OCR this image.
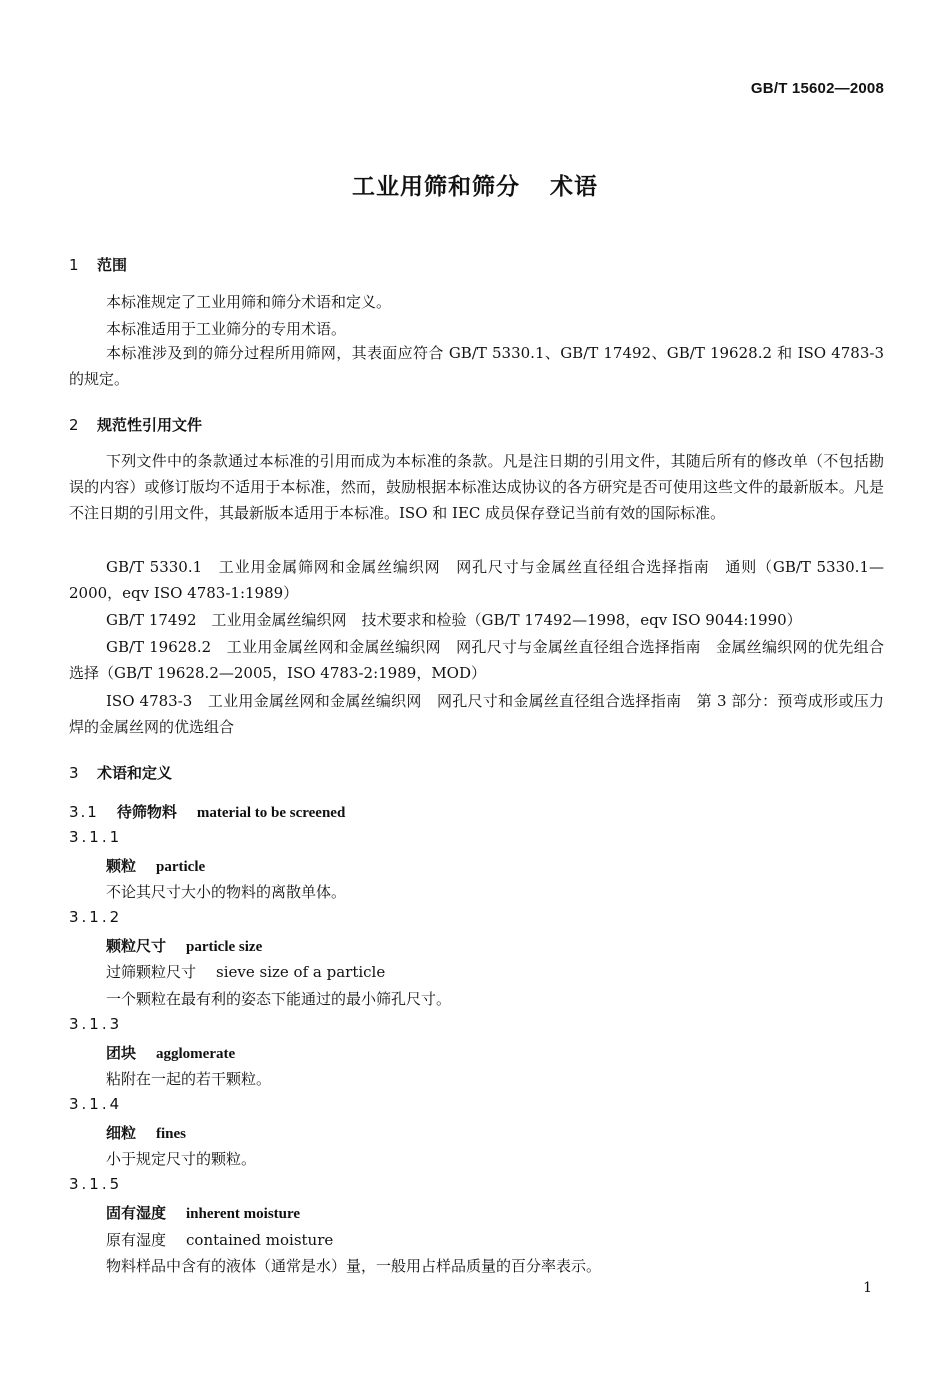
GB/T 15602—2008
工业用筛和筛分 术语
1 范围
本标准规定了工业用筛和筛分术语和定义。
本标准适用于工业筛分的专用术语。
本标准涉及到的筛分过程所用筛网，其表面应符合 GB/T 5330.1、GB/T 17492、GB/T 19628.2 和 ISO 4783-3 的规定。
2 规范性引用文件
下列文件中的条款通过本标准的引用而成为本标准的条款。凡是注日期的引用文件，其随后所有的修改单（不包括勘误的内容）或修订版均不适用于本标准，然而，鼓励根据本标准达成协议的各方研究是否可使用这些文件的最新版本。凡是不注日期的引用文件，其最新版本适用于本标准。ISO 和 IEC 成员保存登记当前有效的国际标准。
GB/T 5330.1　工业用金属筛网和金属丝编织网　网孔尺寸与金属丝直径组合选择指南　通则（GB/T 5330.1—2000，eqv ISO 4783-1:1989）
GB/T 17492　工业用金属丝编织网　技术要求和检验（GB/T 17492—1998，eqv ISO 9044:1990）
GB/T 19628.2　工业用金属丝网和金属丝编织网　网孔尺寸与金属丝直径组合选择指南　金属丝编织网的优先组合选择（GB/T 19628.2—2005，ISO 4783-2:1989，MOD）
ISO 4783-3　工业用金属丝网和金属丝编织网　网孔尺寸和金属丝直径组合选择指南　第 3 部分：预弯成形或压力焊的金属丝网的优选组合
3 术语和定义
3.1 待筛物料 material to be screened
3.1.1
颗粒 particle
不论其尺寸大小的物料的离散单体。
3.1.2
颗粒尺寸 particle size
过筛颗粒尺寸 sieve size of a particle
一个颗粒在最有利的姿态下能通过的最小筛孔尺寸。
3.1.3
团块 agglomerate
粘附在一起的若干颗粒。
3.1.4
细粒 fines
小于规定尺寸的颗粒。
3.1.5
固有湿度 inherent moisture
原有湿度 contained moisture
物料样品中含有的液体（通常是水）量，一般用占样品质量的百分率表示。
1
